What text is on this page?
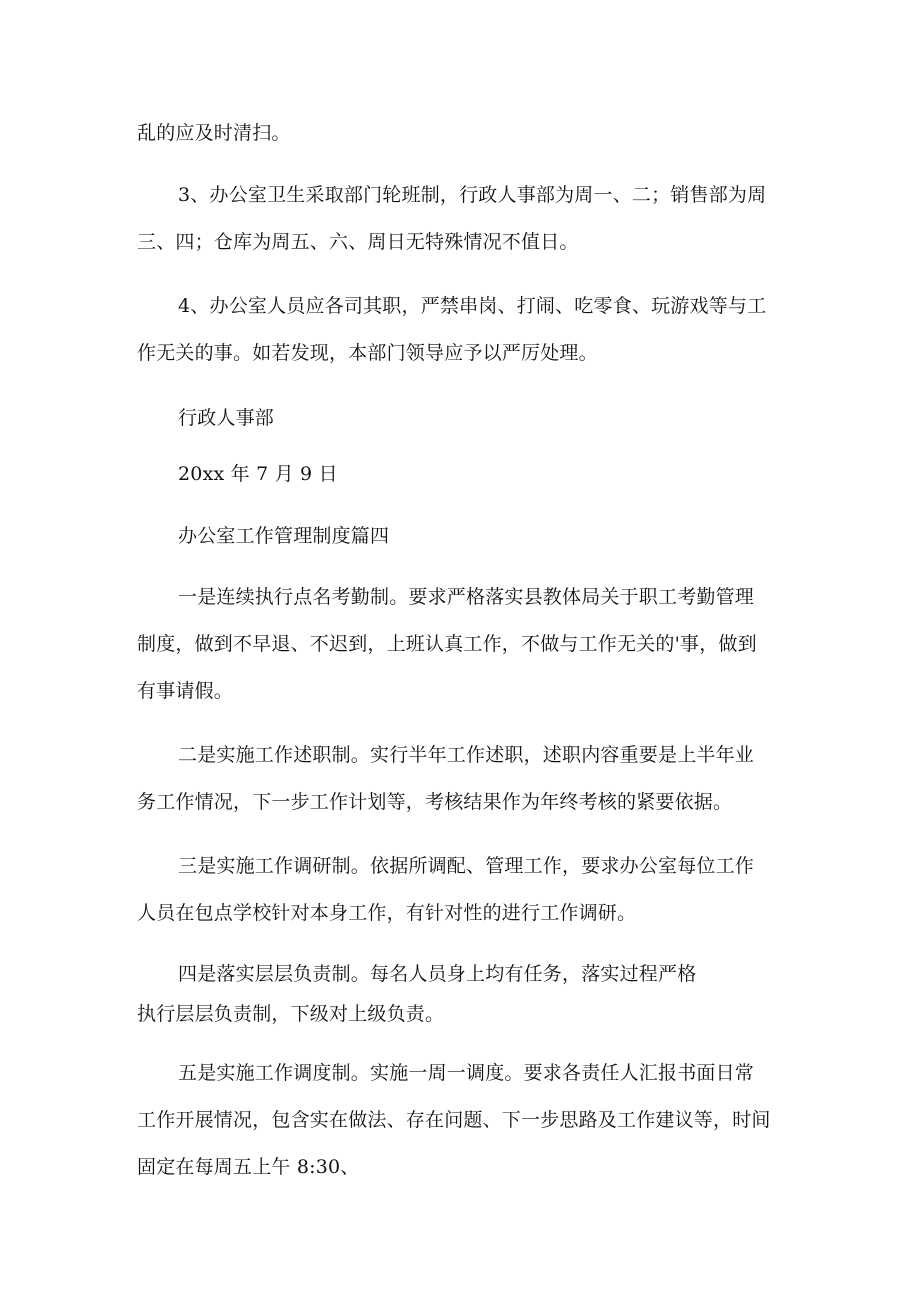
乱的应及时清扫。
3、办公室卫生采取部门轮班制，行政人事部为周一、二；销售部为周
三、四；仓库为周五、六、周日无特殊情况不值日。
4、办公室人员应各司其职，严禁串岗、打闹、吃零食、玩游戏等与工
作无关的事。如若发现，本部门领导应予以严厉处理。
行政人事部
20xx 年 7 月 9 日
办公室工作管理制度篇四
一是连续执行点名考勤制。要求严格落实县教体局关于职工考勤管理
制度，做到不早退、不迟到，上班认真工作，不做与工作无关的'事，做到
有事请假。
二是实施工作述职制。实行半年工作述职，述职内容重要是上半年业
务工作情况，下一步工作计划等，考核结果作为年终考核的紧要依据。
三是实施工作调研制。依据所调配、管理工作，要求办公室每位工作
人员在包点学校针对本身工作，有针对性的进行工作调研。
四是落实层层负责制。每名人员身上均有任务，落实过程严格
执行层层负责制，下级对上级负责。
五是实施工作调度制。实施一周一调度。要求各责任人汇报书面日常
工作开展情况，包含实在做法、存在问题、下一步思路及工作建议等，时间
固定在每周五上午 8:30、
